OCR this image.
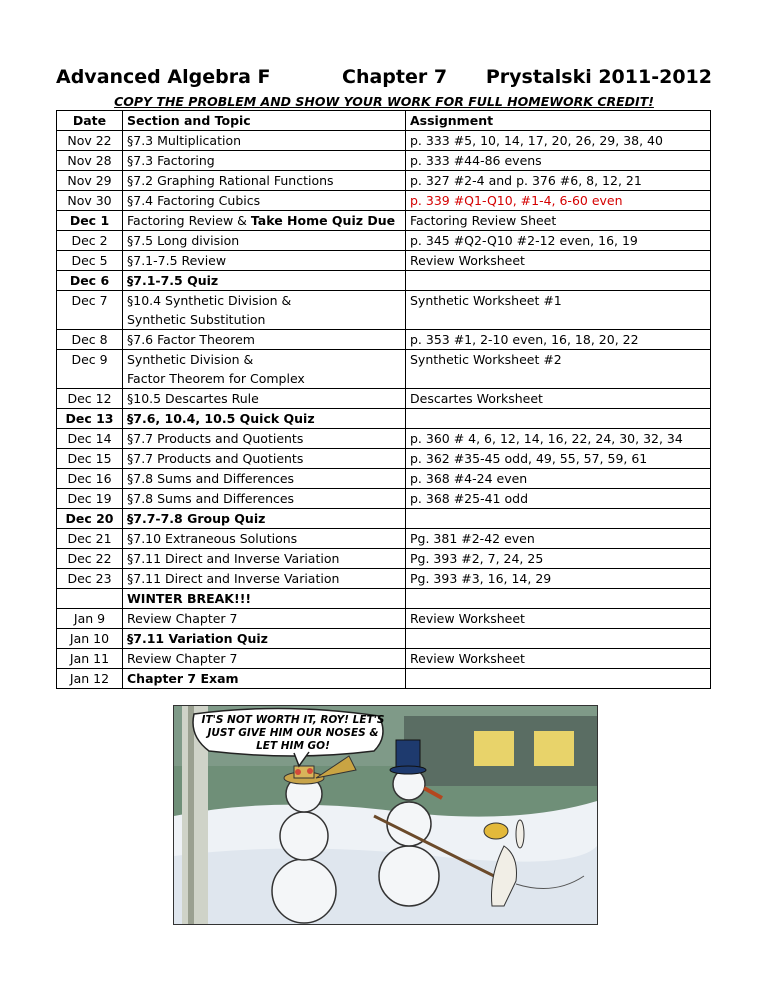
Advanced Algebra F	Chapter 7 Prystalski 2011-2012
COPY THE PROBLEM AND SHOW YOUR WORK FOR FULL HOMEWORK CREDIT!
Date	Section and Topic	Assignment
Nov 22	§7.3 Multiplication	p. 333 #5, 10, 14, 17, 20, 26, 29, 38, 40
Nov 28	§7.3 Factoring	p. 333 #44-86 evens
Nov 29	§7.2 Graphing Rational Functions	p. 327 #2-4 and p. 376 #6, 8, 12, 21
Nov 30	§7.4 Factoring Cubics	p. 339 #Q1-Q10, #1-4, 6-60 even
Dec 1	Factoring Review & Take Home Quiz Due	Factoring Review Sheet
Dec 2	§7.5 Long division	p. 345 #Q2-Q10 #2-12 even, 16, 19
Dec 5	§7.1-7.5 Review	Review Worksheet
Dec 6	§7.1-7.5 Quiz	
Dec 7	§10.4 Synthetic Division &
Synthetic Substitution	Synthetic Worksheet #1
Dec 8	§7.6 Factor Theorem	p. 353 #1, 2-10 even, 16, 18, 20, 22
Dec 9	Synthetic Division &
Factor Theorem for Complex	Synthetic Worksheet #2
Dec 12	§10.5 Descartes Rule	Descartes Worksheet
Dec 13	§7.6, 10.4, 10.5 Quick Quiz	
Dec 14	§7.7 Products and Quotients	p. 360 # 4, 6, 12, 14, 16, 22, 24, 30, 32, 34
Dec 15	§7.7 Products and Quotients	p. 362 #35-45 odd, 49, 55, 57, 59, 61
Dec 16	§7.8 Sums and Differences	p. 368 #4-24 even
Dec 19	§7.8 Sums and Differences	p. 368 #25-41 odd
Dec 20	§7.7-7.8 Group Quiz	
Dec 21	§7.10 Extraneous Solutions	Pg. 381 #2-42 even
Dec 22	§7.11 Direct and Inverse Variation	Pg. 393 #2, 7, 24, 25
Dec 23	§7.11 Direct and Inverse Variation	Pg. 393 #3, 16, 14, 29
	WINTER BREAK!!!	
Jan 9	Review Chapter 7	Review Worksheet
Jan 10	§7.11 Variation Quiz	
Jan 11	Review Chapter 7	Review Worksheet
Jan 12	Chapter 7 Exam	
IT'S NOT WORTH IT, ROY! LET'S JUST GIVE HIM OUR NOSES & LET HIM GO!
